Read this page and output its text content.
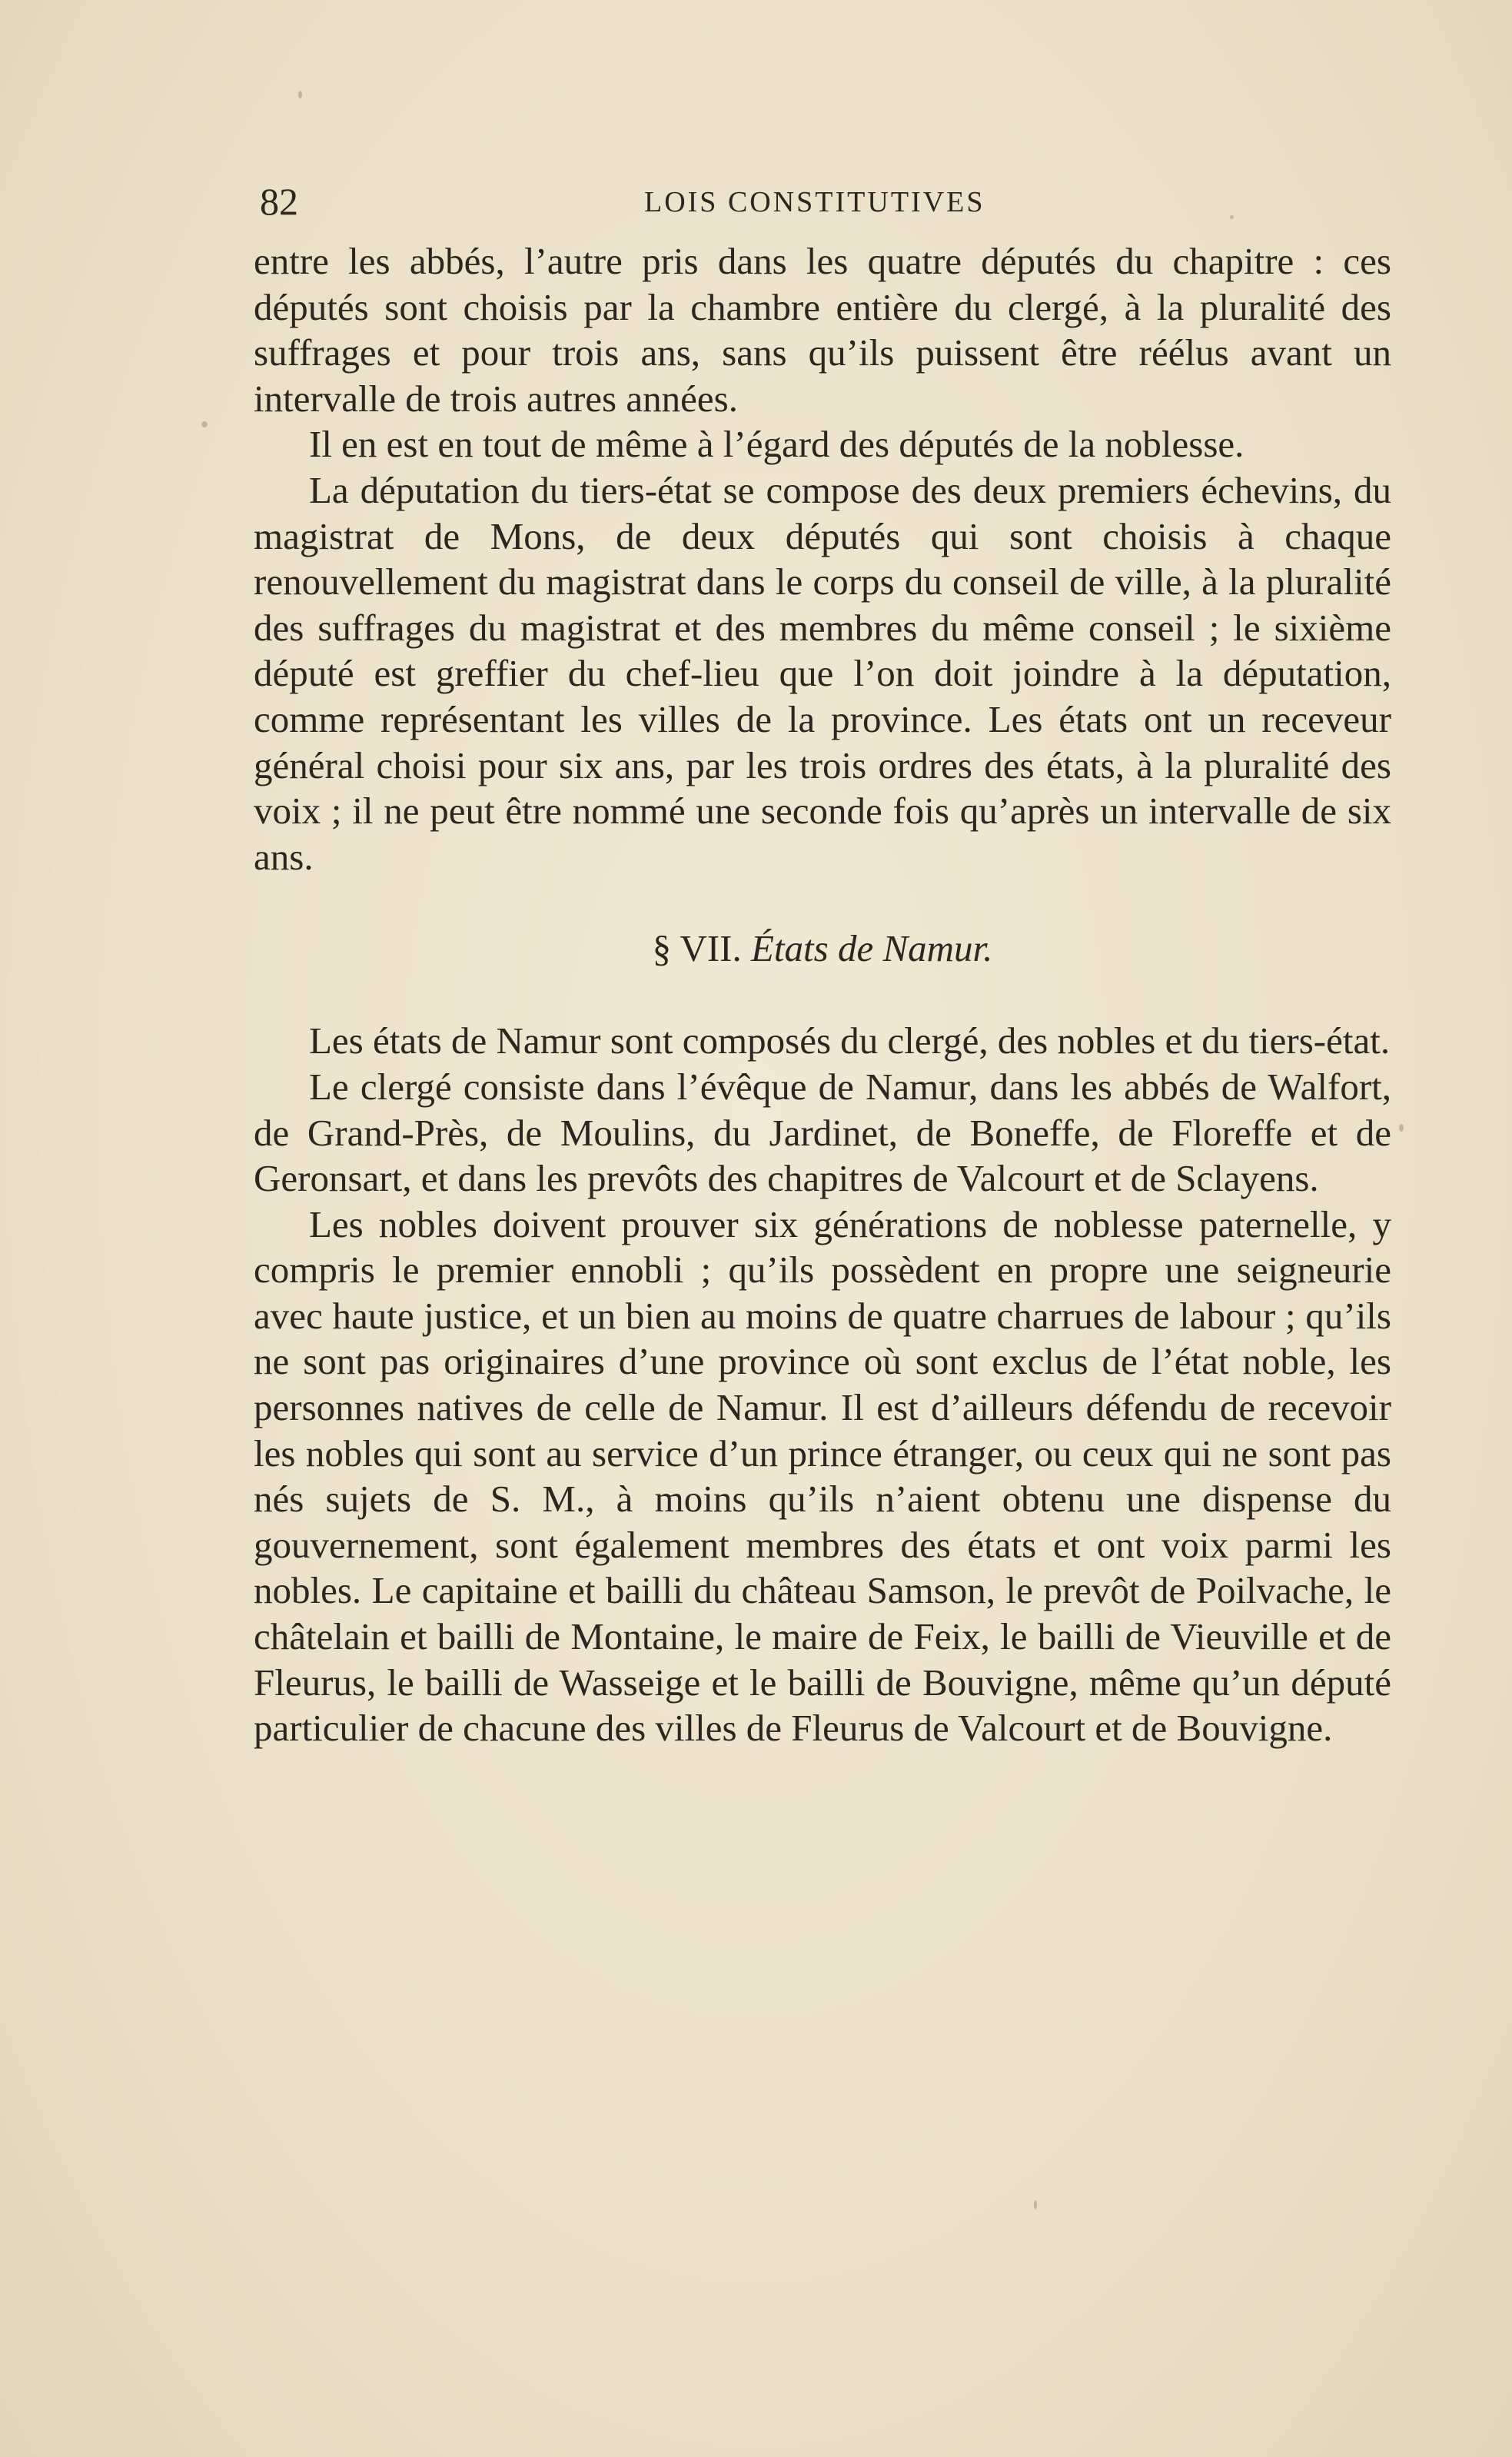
82	LOIS CONSTITUTIVES

entre les abbés, l’autre pris dans les quatre députés du chapitre : ces députés sont choisis par la chambre entière du clergé, à la pluralité des suffrages et pour trois ans, sans qu’ils puissent être réélus avant un intervalle de trois autres années.

Il en est en tout de même à l’égard des députés de la noblesse.

La députation du tiers-état se compose des deux premiers échevins, du magistrat de Mons, de deux députés qui sont choisis à chaque renouvellement du magistrat dans le corps du conseil de ville, à la pluralité des suffrages du magistrat et des membres du même conseil ; le sixième député est greffier du chef-lieu que l’on doit joindre à la députation, comme représentant les villes de la province. Les états ont un receveur général choisi pour six ans, par les trois ordres des états, à la pluralité des voix ; il ne peut être nommé une seconde fois qu’après un intervalle de six ans.

§ VII. États de Namur.

Les états de Namur sont composés du clergé, des nobles et du tiers-état.

Le clergé consiste dans l’évêque de Namur, dans les abbés de Walfort, de Grand-Près, de Moulins, du Jardinet, de Boneffe, de Floreffe et de Geronsart, et dans les prevôts des chapitres de Valcourt et de Sclayens.

Les nobles doivent prouver six générations de noblesse paternelle, y compris le premier ennobli ; qu’ils possèdent en propre une seigneurie avec haute justice, et un bien au moins de quatre charrues de labour ; qu’ils ne sont pas originaires d’une province où sont exclus de l’état noble, les personnes natives de celle de Namur. Il est d’ailleurs défendu de recevoir les nobles qui sont au service d’un prince étranger, ou ceux qui ne sont pas nés sujets de S. M., à moins qu’ils n’aient obtenu une dispense du gouvernement, sont également membres des états et ont voix parmi les nobles. Le capitaine et bailli du château Samson, le prevôt de Poilvache, le châtelain et bailli de Montaine, le maire de Feix, le bailli de Vieuville et de Fleurus, le bailli de Wasseige et le bailli de Bouvigne, même qu’un député particulier de chacune des villes de Fleurus de Valcourt et de Bouvigne.
